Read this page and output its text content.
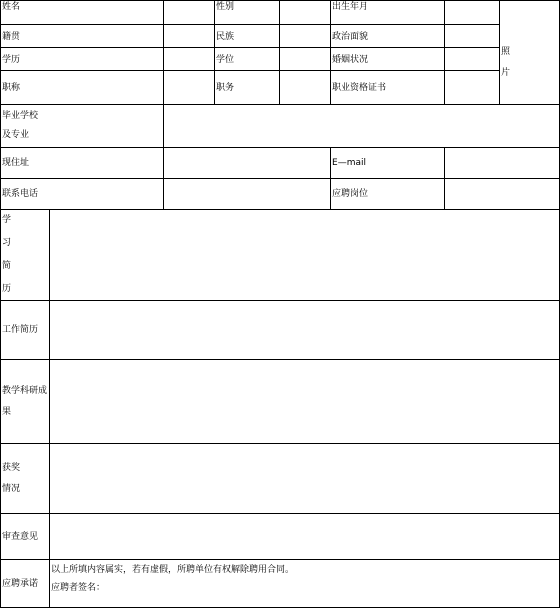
姓名			性别		出生年月		照
片

籍贯			民族		政治面貌		
学历			学位		婚姻状况		
职称			职务		职业资格证书		

毕业学校
及专业							

现住址					E—mail		
联系电话					应聘岗位		

学
习
简
历							

工作简历							

教学科研成
果							

获奖
情况							

审查意见							
应聘承诺	以上所填内容属实，若有虚假，所聘单位有权解除聘用合同。
应聘者签名：						
